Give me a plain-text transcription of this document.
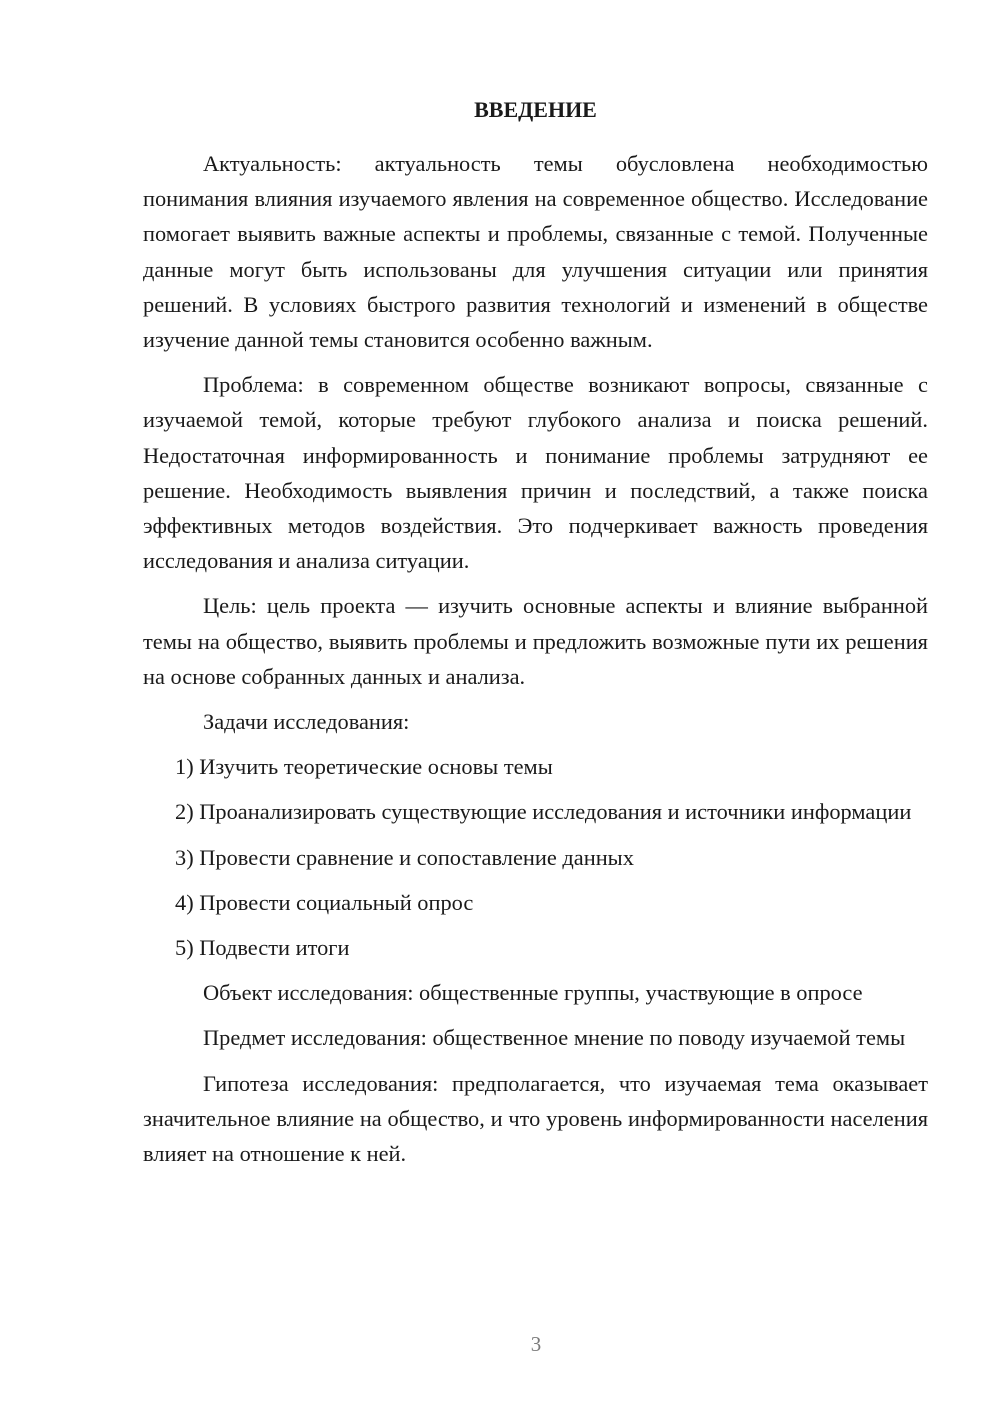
ВВЕДЕНИЕ

Актуальность: актуальность темы обусловлена необходимостью понимания влияния изучаемого явления на современное общество. Исследование помогает выявить важные аспекты и проблемы, связанные с темой. Полученные данные могут быть использованы для улучшения ситуации или принятия решений. В условиях быстрого развития технологий и изменений в обществе изучение данной темы становится особенно важным.

Проблема: в современном обществе возникают вопросы, связанные с изучаемой темой, которые требуют глубокого анализа и поиска решений. Недостаточная информированность и понимание проблемы затрудняют ее решение. Необходимость выявления причин и последствий, а также поиска эффективных методов воздействия. Это подчеркивает важность проведения исследования и анализа ситуации.

Цель: цель проекта — изучить основные аспекты и влияние выбранной темы на общество, выявить проблемы и предложить возможные пути их решения на основе собранных данных и анализа.

Задачи исследования:

1) Изучить теоретические основы темы

2) Проанализировать существующие исследования и источники информации

3) Провести сравнение и сопоставление данных

4) Провести социальный опрос

5) Подвести итоги

Объект исследования: общественные группы, участвующие в опросе

Предмет исследования: общественное мнение по поводу изучаемой темы

Гипотеза исследования: предполагается, что изучаемая тема оказывает значительное влияние на общество, и что уровень информированности населения влияет на отношение к ней.

3
